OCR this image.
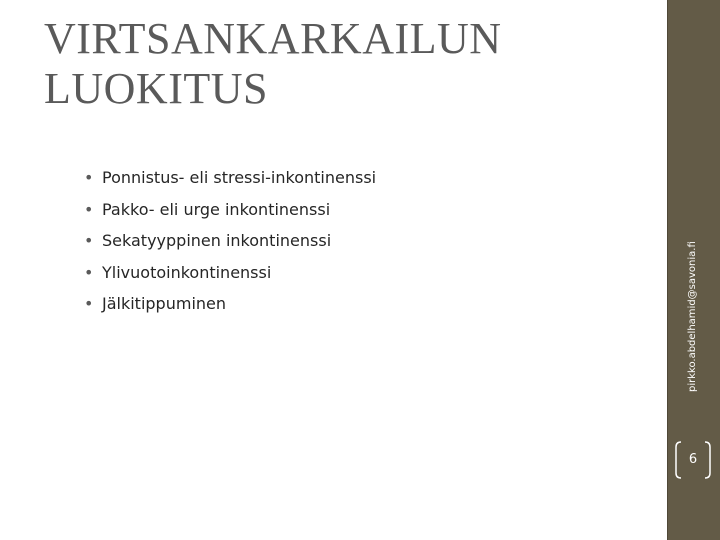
VIRTSANKARKAILUN
LUOKITUS
• Ponnistus- eli stressi-inkontinenssi
• Pakko- eli urge inkontinenssi
• Sekatyyppinen inkontinenssi
• Ylivuotoinkontinenssi
• Jälkitippuminen	pirkko.abdelhamid@savonia.fi
6
